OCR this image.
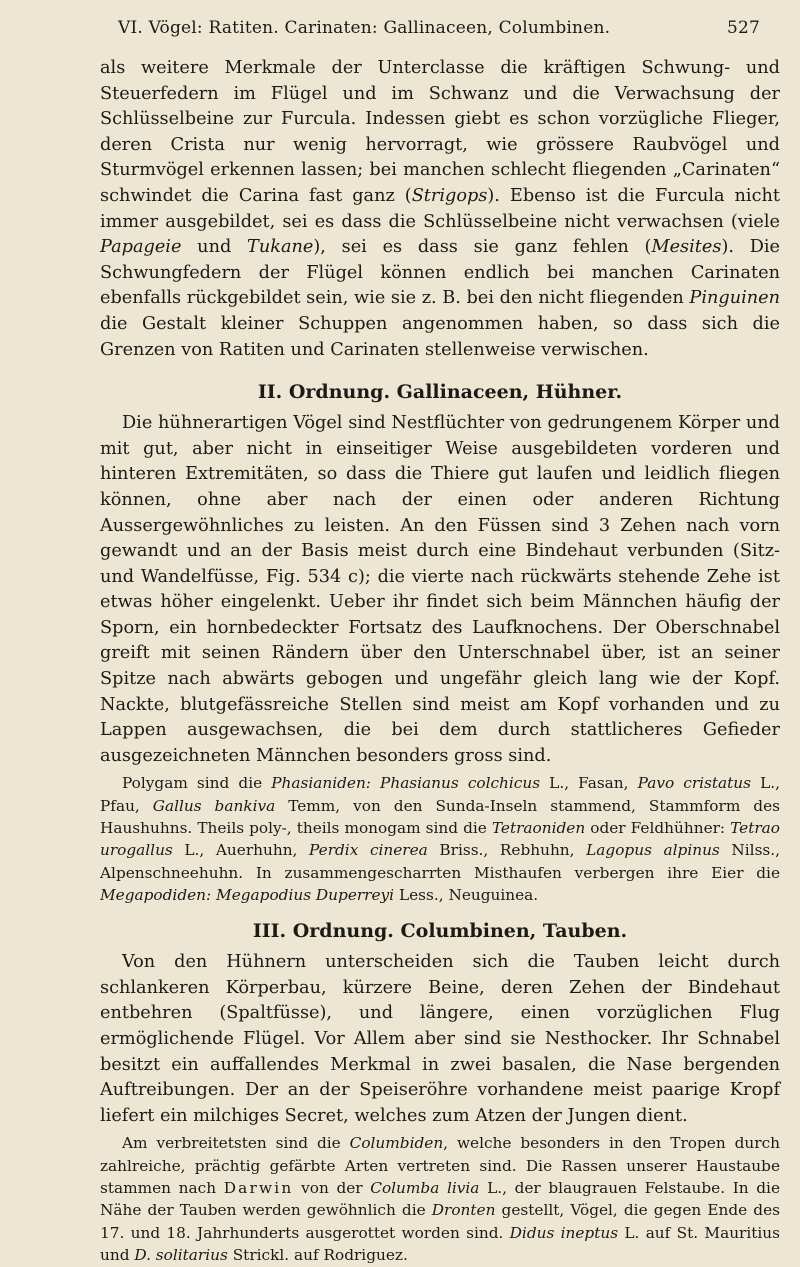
VI. Vögel: Ratiten. Carinaten: Gallinaceen, Columbinen.	527

als weitere Merkmale der Unterclasse die kräftigen Schwung- und Steuerfedern im Flügel und im Schwanz und die Verwachsung der Schlüsselbeine zur Furcula. Indessen giebt es schon vorzügliche Flieger, deren Crista nur wenig hervorragt, wie grössere Raubvögel und Sturmvögel erkennen lassen; bei manchen schlecht fliegenden „Carinaten“ schwindet die Carina fast ganz (Strigops). Ebenso ist die Furcula nicht immer ausgebildet, sei es dass die Schlüsselbeine nicht verwachsen (viele Papageie und Tukane), sei es dass sie ganz fehlen (Mesites). Die Schwungfedern der Flügel können endlich bei manchen Carinaten ebenfalls rückgebildet sein, wie sie z. B. bei den nicht fliegenden Pinguinen die Gestalt kleiner Schuppen angenommen haben, so dass sich die Grenzen von Ratiten und Carinaten stellenweise verwischen.

II. Ordnung. Gallinaceen, Hühner.

Die hühnerartigen Vögel sind Nestflüchter von gedrungenem Körper und mit gut, aber nicht in einseitiger Weise ausgebildeten vorderen und hinteren Extremitäten, so dass die Thiere gut laufen und leidlich fliegen können, ohne aber nach der einen oder anderen Richtung Aussergewöhnliches zu leisten. An den Füssen sind 3 Zehen nach vorn gewandt und an der Basis meist durch eine Bindehaut verbunden (Sitz- und Wandelfüsse, Fig. 534 c); die vierte nach rückwärts stehende Zehe ist etwas höher eingelenkt. Ueber ihr findet sich beim Männchen häufig der Sporn, ein hornbedeckter Fortsatz des Laufknochens. Der Oberschnabel greift mit seinen Rändern über den Unterschnabel über, ist an seiner Spitze nach abwärts gebogen und ungefähr gleich lang wie der Kopf. Nackte, blutgefässreiche Stellen sind meist am Kopf vorhanden und zu Lappen ausgewachsen, die bei dem durch stattlicheres Gefieder ausgezeichneten Männchen besonders gross sind.

Polygam sind die Phasianiden: Phasianus colchicus L., Fasan, Pavo cristatus L., Pfau, Gallus bankiva Temm, von den Sunda-Inseln stammend, Stammform des Haushuhns. Theils poly-, theils monogam sind die Tetraoniden oder Feldhühner: Tetrao urogallus L., Auerhuhn, Perdix cinerea Briss., Rebhuhn, Lagopus alpinus Nilss., Alpenschneehuhn. In zusammengescharrten Misthaufen verbergen ihre Eier die Megapodiden: Megapodius Duperreyi Less., Neuguinea.

III. Ordnung. Columbinen, Tauben.

Von den Hühnern unterscheiden sich die Tauben leicht durch schlankeren Körperbau, kürzere Beine, deren Zehen der Bindehaut entbehren (Spaltfüsse), und längere, einen vorzüglichen Flug ermöglichende Flügel. Vor Allem aber sind sie Nesthocker. Ihr Schnabel besitzt ein auffallendes Merkmal in zwei basalen, die Nase bergenden Auftreibungen. Der an der Speiseröhre vorhandene meist paarige Kropf liefert ein milchiges Secret, welches zum Atzen der Jungen dient.

Am verbreitetsten sind die Columbiden, welche besonders in den Tropen durch zahlreiche, prächtig gefärbte Arten vertreten sind. Die Rassen unserer Haustaube stammen nach Darwin von der Columba livia L., der blaugrauen Felstaube. In die Nähe der Tauben werden gewöhnlich die Dronten gestellt, Vögel, die gegen Ende des 17. und 18. Jahrhunderts ausgerottet worden sind. Didus ineptus L. auf St. Mauritius und D. solitarius Strickl. auf Rodriguez.
